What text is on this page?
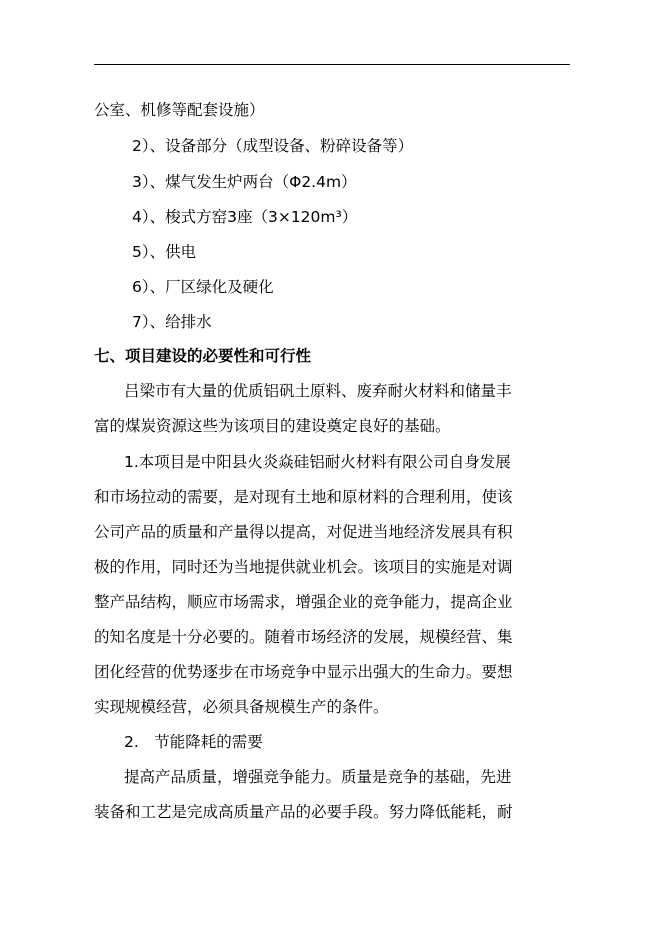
公室、机修等配套设施）
2）、设备部分（成型设备、粉碎设备等）
3）、煤气发生炉两台（Φ2.4m）
4）、梭式方窑3座（3×120m³）
5）、供电
6）、厂区绿化及硬化
7）、给排水
七、项目建设的必要性和可行性
吕梁市有大量的优质铝矾土原料、废弃耐火材料和储量丰
富的煤炭资源这些为该项目的建设奠定良好的基础。
1.本项目是中阳县火炎焱硅铝耐火材料有限公司自身发展
和市场拉动的需要，是对现有土地和原材料的合理利用，使该
公司产品的质量和产量得以提高，对促进当地经济发展具有积
极的作用，同时还为当地提供就业机会。该项目的实施是对调
整产品结构，顺应市场需求，增强企业的竞争能力，提高企业
的知名度是十分必要的。随着市场经济的发展，规模经营、集
团化经营的优势逐步在市场竞争中显示出强大的生命力。要想
实现规模经营，必须具备规模生产的条件。
2.　节能降耗的需要
提高产品质量，增强竞争能力。质量是竞争的基础，先进
装备和工艺是完成高质量产品的必要手段。努力降低能耗，耐
